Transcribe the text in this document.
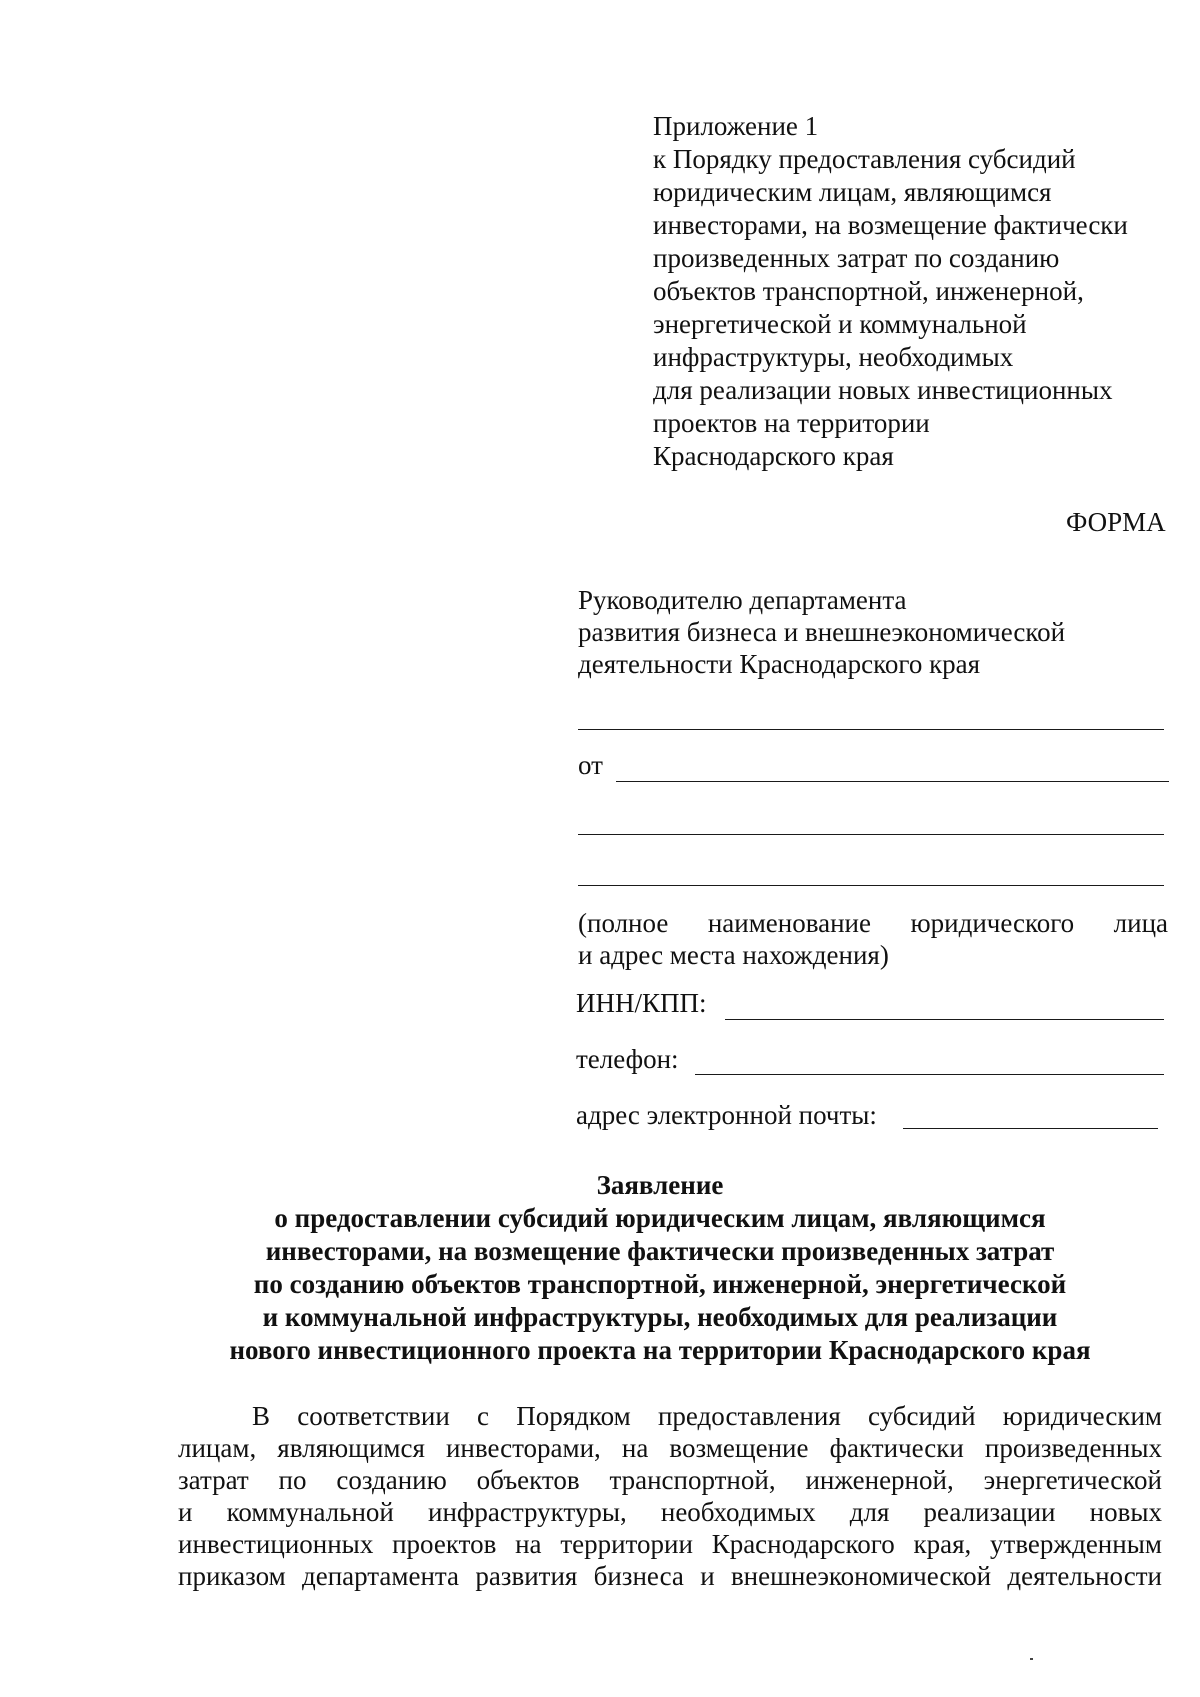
Приложение 1
к Порядку предоставления субсидий
юридическим лицам, являющимся
инвесторами, на возмещение фактически
произведенных затрат по созданию
объектов транспортной, инженерной,
энергетической и коммунальной
инфраструктуры, необходимых
для реализации новых инвестиционных
проектов на территории
Краснодарского края
ФОРМА
Руководителю департамента
развития бизнеса и внешнеэкономической
деятельности Краснодарского края
от
(полное наименование юридического лица
и адрес места нахождения)
ИНН/КПП:
телефон:
адрес электронной почты:
Заявление
о предоставлении субсидий юридическим лицам, являющимся
инвесторами, на возмещение фактически произведенных затрат
по созданию объектов транспортной, инженерной, энергетической
и коммунальной инфраструктуры, необходимых для реализации
нового инвестиционного проекта на территории Краснодарского края
В соответствии с Порядком предоставления субсидий юридическим
лицам, являющимся инвесторами, на возмещение фактически произведенных
затрат по созданию объектов транспортной, инженерной, энергетической
и коммунальной инфраструктуры, необходимых для реализации новых
инвестиционных проектов на территории Краснодарского края, утвержденным
приказом департамента развития бизнеса и внешнеэкономической деятельности
